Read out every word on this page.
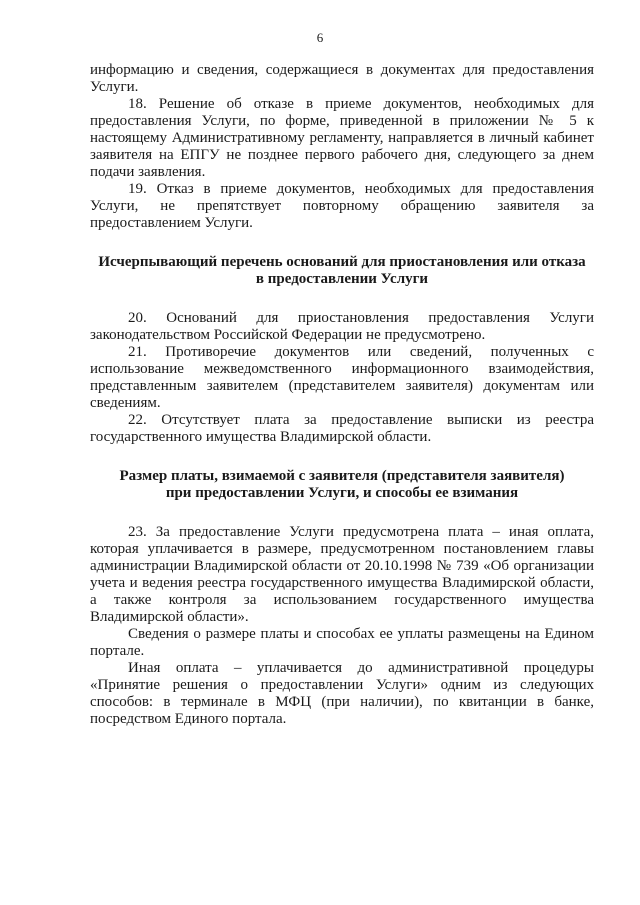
6

информацию и сведения, содержащиеся в документах для предоставления Услуги.

18. Решение об отказе в приеме документов, необходимых для предоставления Услуги, по форме, приведенной в приложении № 5 к настоящему Административному регламенту, направляется в личный кабинет заявителя на ЕПГУ не позднее первого рабочего дня, следующего за днем подачи заявления.

19. Отказ в приеме документов, необходимых для предоставления Услуги, не препятствует повторному обращению заявителя за предоставлением Услуги.

Исчерпывающий перечень оснований для приостановления или отказа
в предоставлении Услуги

20. Оснований для приостановления предоставления Услуги законодательством Российской Федерации не предусмотрено.

21. Противоречие документов или сведений, полученных с использование межведомственного информационного взаимодействия, представленным заявителем (представителем заявителя) документам или сведениям.

22. Отсутствует плата за предоставление выписки из реестра государственного имущества Владимирской области.

Размер платы, взимаемой с заявителя (представителя заявителя)
при предоставлении Услуги, и способы ее взимания

23. За предоставление Услуги предусмотрена плата – иная оплата, которая уплачивается в размере, предусмотренном постановлением главы администрации Владимирской области от 20.10.1998 № 739 «Об организации учета и ведения реестра государственного имущества Владимирской области, а также контроля за использованием государственного имущества Владимирской области».

Сведения о размере платы и способах ее уплаты размещены на Едином портале.

Иная оплата – уплачивается до административной процедуры «Принятие решения о предоставлении Услуги» одним из следующих способов: в терминале в МФЦ (при наличии), по квитанции в банке, посредством Единого портала.
